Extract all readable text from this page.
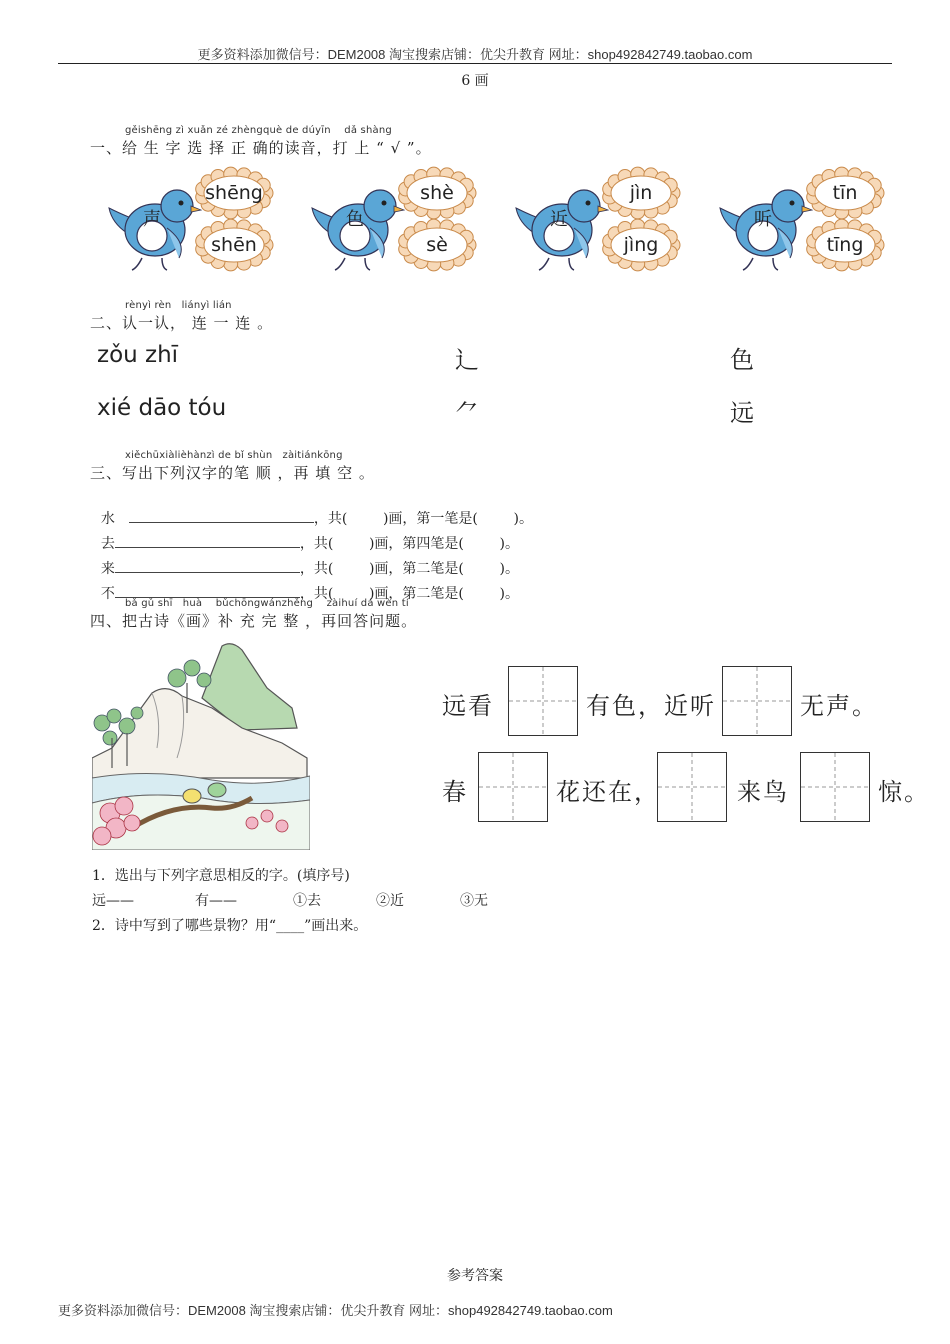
更多资料添加微信号：DEM2008 淘宝搜索店铺：优尖升教育 网址：shop492842749.taobao.com
6 画
gěishēng zì xuǎn zé zhèngquè de dúyīn    dǎ shàng
一、给 生 字 选 择 正 确的读音，打 上 “ √ ”。
声
shēng
shēn
色
shè
sè
近
jìn
jìng
听
tīn
tīng
rènyì rèn   liányì lián
二、认一认， 连 一 连 。
zǒu zhī
xié dāo tóu
辶
⺈
色
远
xiěchūxiàlièhànzì de bǐ shùn   zàitiánkōng
三、写出下列汉字的笔 顺 ，再 填 空 。

水	，共(        )画，第一笔是(        )。

去	，共(        )画，第四笔是(        )。

来	，共(        )画，第二笔是(        )。

不	，共(        )画，第二笔是(        )。

bǎ gǔ shī   huà    bǔchōngwánzhěng    zàihuí dá wèn tí
四、把古诗《画》补 充 完 整 ，再回答问题。
远看	有色，近听	无声。
春	花还在，	来鸟	惊。
1．选出与下列字意思相反的字。(填序号)
远——	有——	①去	②近	③无
2．诗中写到了哪些景物？用“____”画出来。
参考答案
更多资料添加微信号：DEM2008 淘宝搜索店铺：优尖升教育 网址：shop492842749.taobao.com
